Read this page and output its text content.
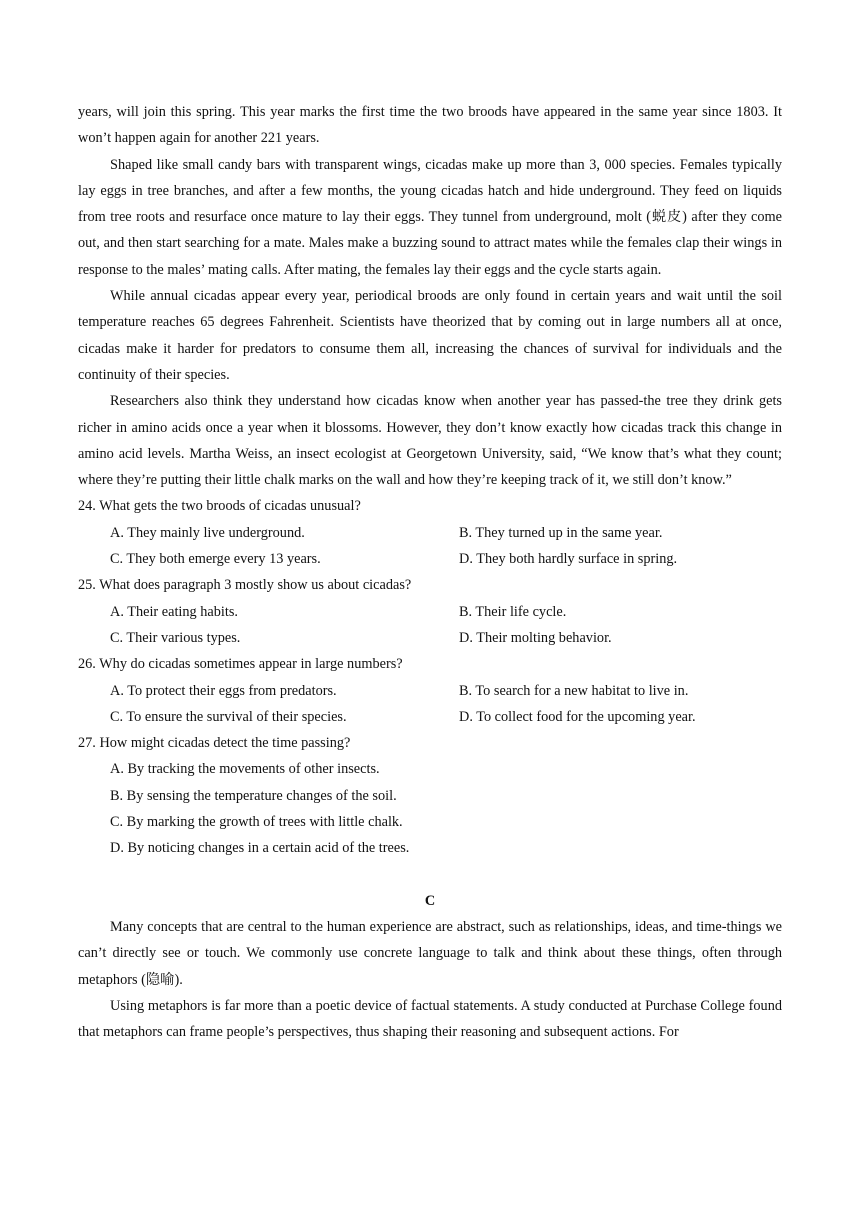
years, will join this spring. This year marks the first time the two broods have appeared in the same year since 1803. It won’t happen again for another 221 years.

Shaped like small candy bars with transparent wings, cicadas make up more than 3, 000 species. Females typically lay eggs in tree branches, and after a few months, the young cicadas hatch and hide underground. They feed on liquids from tree roots and resurface once mature to lay their eggs. They tunnel from underground, molt (蜕皮) after they come out, and then start searching for a mate. Males make a buzzing sound to attract mates while the females clap their wings in response to the males’ mating calls. After mating, the females lay their eggs and the cycle starts again.

While annual cicadas appear every year, periodical broods are only found in certain years and wait until the soil temperature reaches 65 degrees Fahrenheit. Scientists have theorized that by coming out in large numbers all at once, cicadas make it harder for predators to consume them all, increasing the chances of survival for individuals and the continuity of their species.

Researchers also think they understand how cicadas know when another year has passed-the tree they drink gets richer in amino acids once a year when it blossoms. However, they don’t know exactly how cicadas track this change in amino acid levels. Martha Weiss, an insect ecologist at Georgetown University, said, “We know that’s what they count; where they’re putting their little chalk marks on the wall and how they’re keeping track of it, we still don’t know.”

24. What gets the two broods of cicadas unusual?
A. They mainly live underground.	B. They turned up in the same year.
C. They both emerge every 13 years.	D. They both hardly surface in spring.
25. What does paragraph 3 mostly show us about cicadas?
A. Their eating habits.	B. Their life cycle.
C. Their various types.	D. Their molting behavior.
26. Why do cicadas sometimes appear in large numbers?
A. To protect their eggs from predators.	B. To search for a new habitat to live in.
C. To ensure the survival of their species.	D. To collect food for the upcoming year.
27. How might cicadas detect the time passing?
A. By tracking the movements of other insects.
B. By sensing the temperature changes of the soil.
C. By marking the growth of trees with little chalk.
D. By noticing changes in a certain acid of the trees.
C

Many concepts that are central to the human experience are abstract, such as relationships, ideas, and time-things we can’t directly see or touch. We commonly use concrete language to talk and think about these things, often through metaphors (隐喻).

Using metaphors is far more than a poetic device of factual statements. A study conducted at Purchase College found that metaphors can frame people’s perspectives, thus shaping their reasoning and subsequent actions. For
